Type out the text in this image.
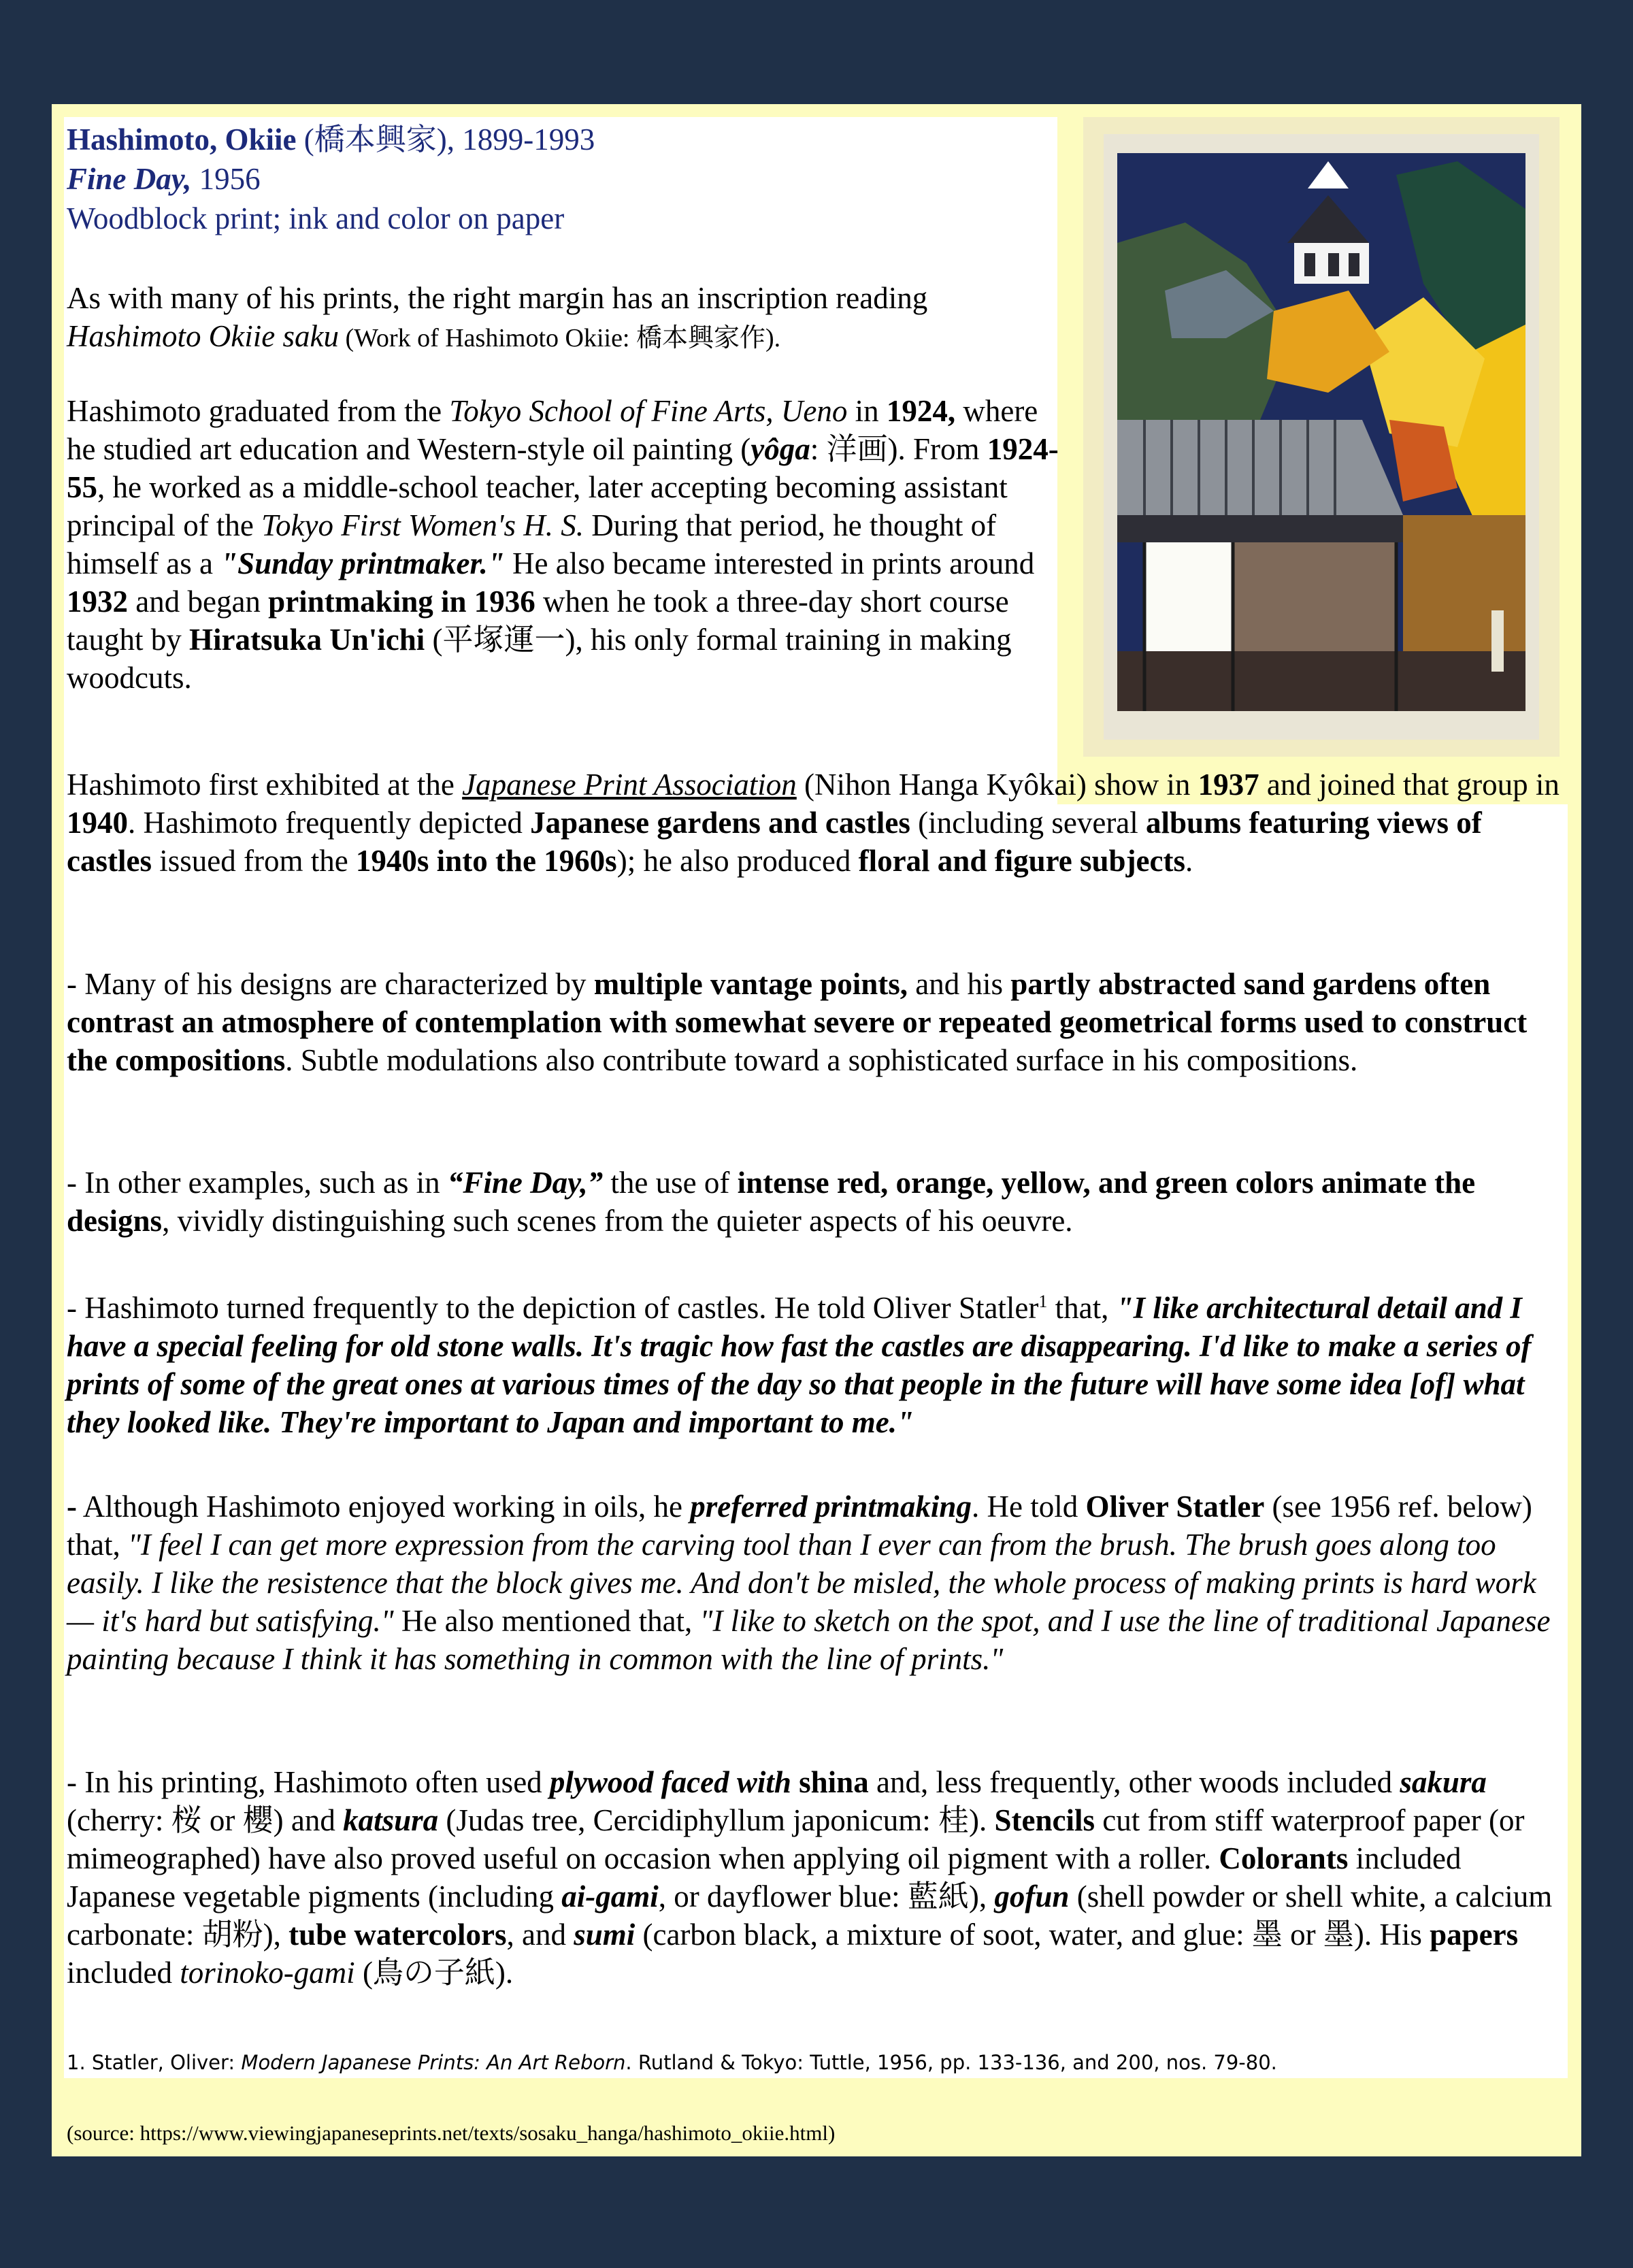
Hashimoto, Okiie (橋本興家), 1899-1993
Fine Day, 1956
Woodblock print; ink and color on paper

As with many of his prints, the right margin has an inscription reading Hashimoto Okiie saku (Work of Hashimoto Okiie: 橋本興家作).

Hashimoto graduated from the Tokyo School of Fine Arts, Ueno in 1924, where he studied art education and Western-style oil painting (yôga: 洋画). From 1924-55, he worked as a middle-school teacher, later accepting becoming assistant principal of the Tokyo First Women's H. S. During that period, he thought of himself as a "Sunday printmaker." He also became interested in prints around 1932 and began printmaking in 1936 when he took a three-day short course taught by Hiratsuka Un'ichi (平塚運一), his only formal training in making woodcuts.

Hashimoto first exhibited at the Japanese Print Association (Nihon Hanga Kyôkai) show in 1937 and joined that group in 1940. Hashimoto frequently depicted Japanese gardens and castles (including several albums featuring views of castles issued from the 1940s into the 1960s); he also produced floral and figure subjects.

- Many of his designs are characterized by multiple vantage points, and his partly abstracted sand gardens often contrast an atmosphere of contemplation with somewhat severe or repeated geometrical forms used to construct the compositions. Subtle modulations also contribute toward a sophisticated surface in his compositions.

- In other examples, such as in “Fine Day,” the use of intense red, orange, yellow, and green colors animate the designs, vividly distinguishing such scenes from the quieter aspects of his oeuvre.

- Hashimoto turned frequently to the depiction of castles. He told Oliver Statler$^1$ that, "I like architectural detail and I have a special feeling for old stone walls. It's tragic how fast the castles are disappearing. I'd like to make a series of prints of some of the great ones at various times of the day so that people in the future will have some idea [of] what they looked like. They're important to Japan and important to me."

- Although Hashimoto enjoyed working in oils, he preferred printmaking. He told Oliver Statler (see 1956 ref. below) that, "I feel I can get more expression from the carving tool than I ever can from the brush. The brush goes along too easily. I like the resistence that the block gives me. And don't be misled, the whole process of making prints is hard work — it's hard but satisfying." He also mentioned that, "I like to sketch on the spot, and I use the line of traditional Japanese painting because I think it has something in common with the line of prints."

- In his printing, Hashimoto often used plywood faced with shina and, less frequently, other woods included sakura (cherry: 桜 or 櫻) and katsura (Judas tree, Cercidiphyllum japonicum: 桂). Stencils cut from stiff waterproof paper (or mimeographed) have also proved useful on occasion when applying oil pigment with a roller. Colorants included Japanese vegetable pigments (including ai-gami, or dayflower blue: 藍紙), gofun (shell powder or shell white, a calcium carbonate: 胡粉), tube watercolors, and sumi (carbon black, a mixture of soot, water, and glue: 墨 or 墨). His papers included torinoko-gami (鳥の子紙).

1. Statler, Oliver: Modern Japanese Prints: An Art Reborn. Rutland & Tokyo: Tuttle, 1956, pp. 133-136, and 200, nos. 79-80.
(source: https://www.viewingjapaneseprints.net/texts/sosaku_hanga/hashimoto_okiie.html)
